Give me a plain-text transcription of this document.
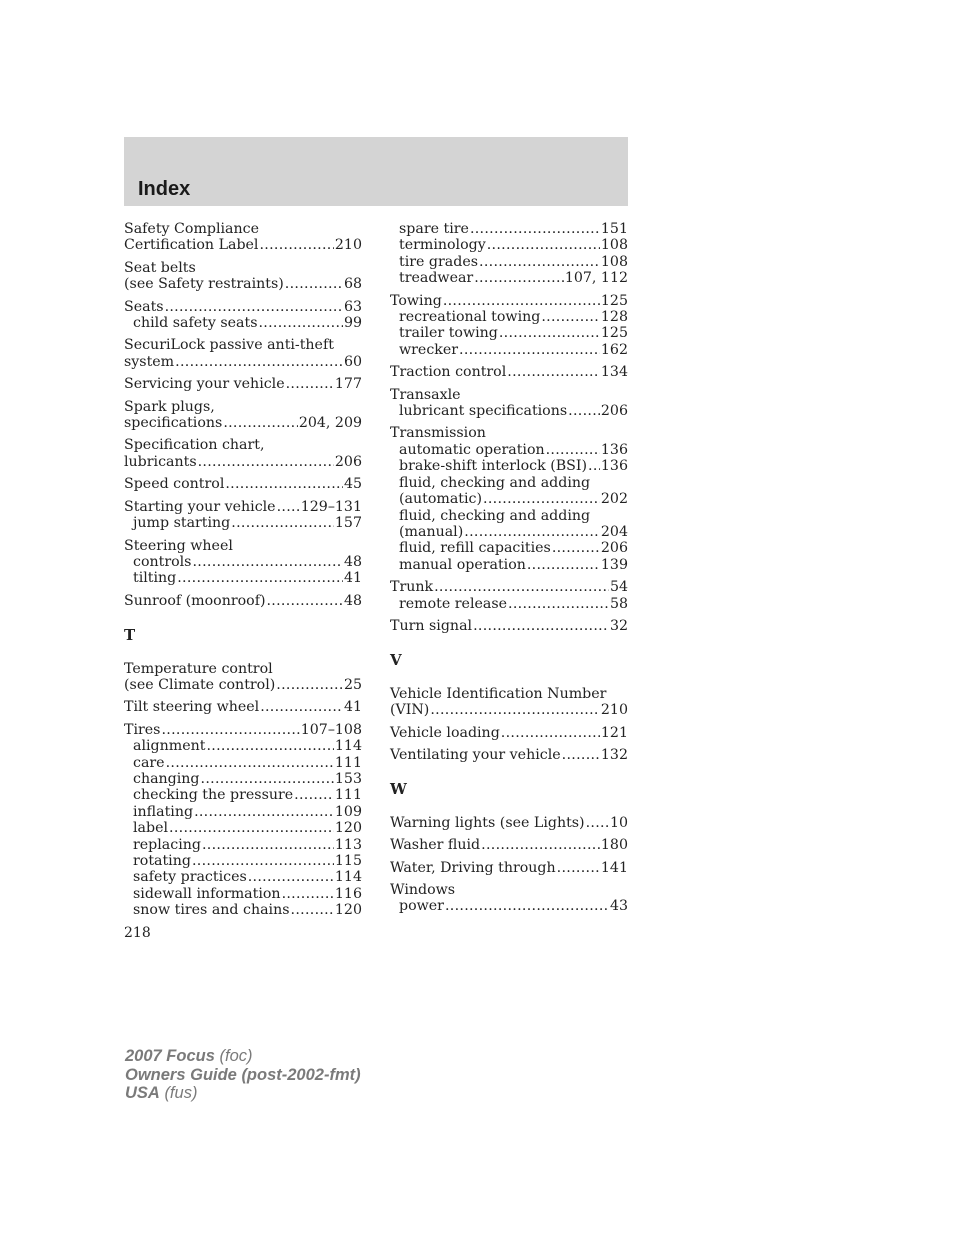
Index
Safety Compliance
Certification Label .....	210
Seat belts
(see Safety restraints) .....	68
Seats .....	63
child safety seats .....	99
SecuriLock passive anti-theft
system .....	60
Servicing your vehicle .....	177
Spark plugs,
specifications .....	204, 209
Specification chart,
lubricants .....	206
Speed control .....	45
Starting your vehicle ..... 129–131
jump starting .....	157
Steering wheel
controls .....	48
tilting .....	41
Sunroof (moonroof) .....	48
T
Temperature control
(see Climate control) .....	25
Tilt steering wheel .....	41
Tires .....	107–108
alignment .....	114
care .....	111
changing .....	153
checking the pressure .....	111
inflating .....	109
label .....	120
replacing .....	113
rotating .....	115
safety practices .....	114
sidewall information .....	116
snow tires and chains .....	120
spare tire .....	151
terminology .....	108
tire grades .....	108
treadwear .....	107, 112
Towing .....	125
recreational towing .....	128
trailer towing .....	125
wrecker .....	162
Traction control .....	134
Transaxle
lubricant specifications ..... 206
Transmission
automatic operation .....	136
brake-shift interlock (BSI) ..... 136
fluid, checking and adding
(automatic) .....	202
fluid, checking and adding
(manual) .....	204
fluid, refill capacities .....	206
manual operation .....	139
Trunk .....	54
remote release .....	58
Turn signal .....	32
V
Vehicle Identification Number
(VIN) .....	210
Vehicle loading .....	121
Ventilating your vehicle .....	132
W
Warning lights (see Lights) ..... 10
Washer fluid .....	180
Water, Driving through .....	141
Windows
power .....	43
218
2007 Focus (foc)
Owners Guide (post-2002-fmt)
USA (fus)
